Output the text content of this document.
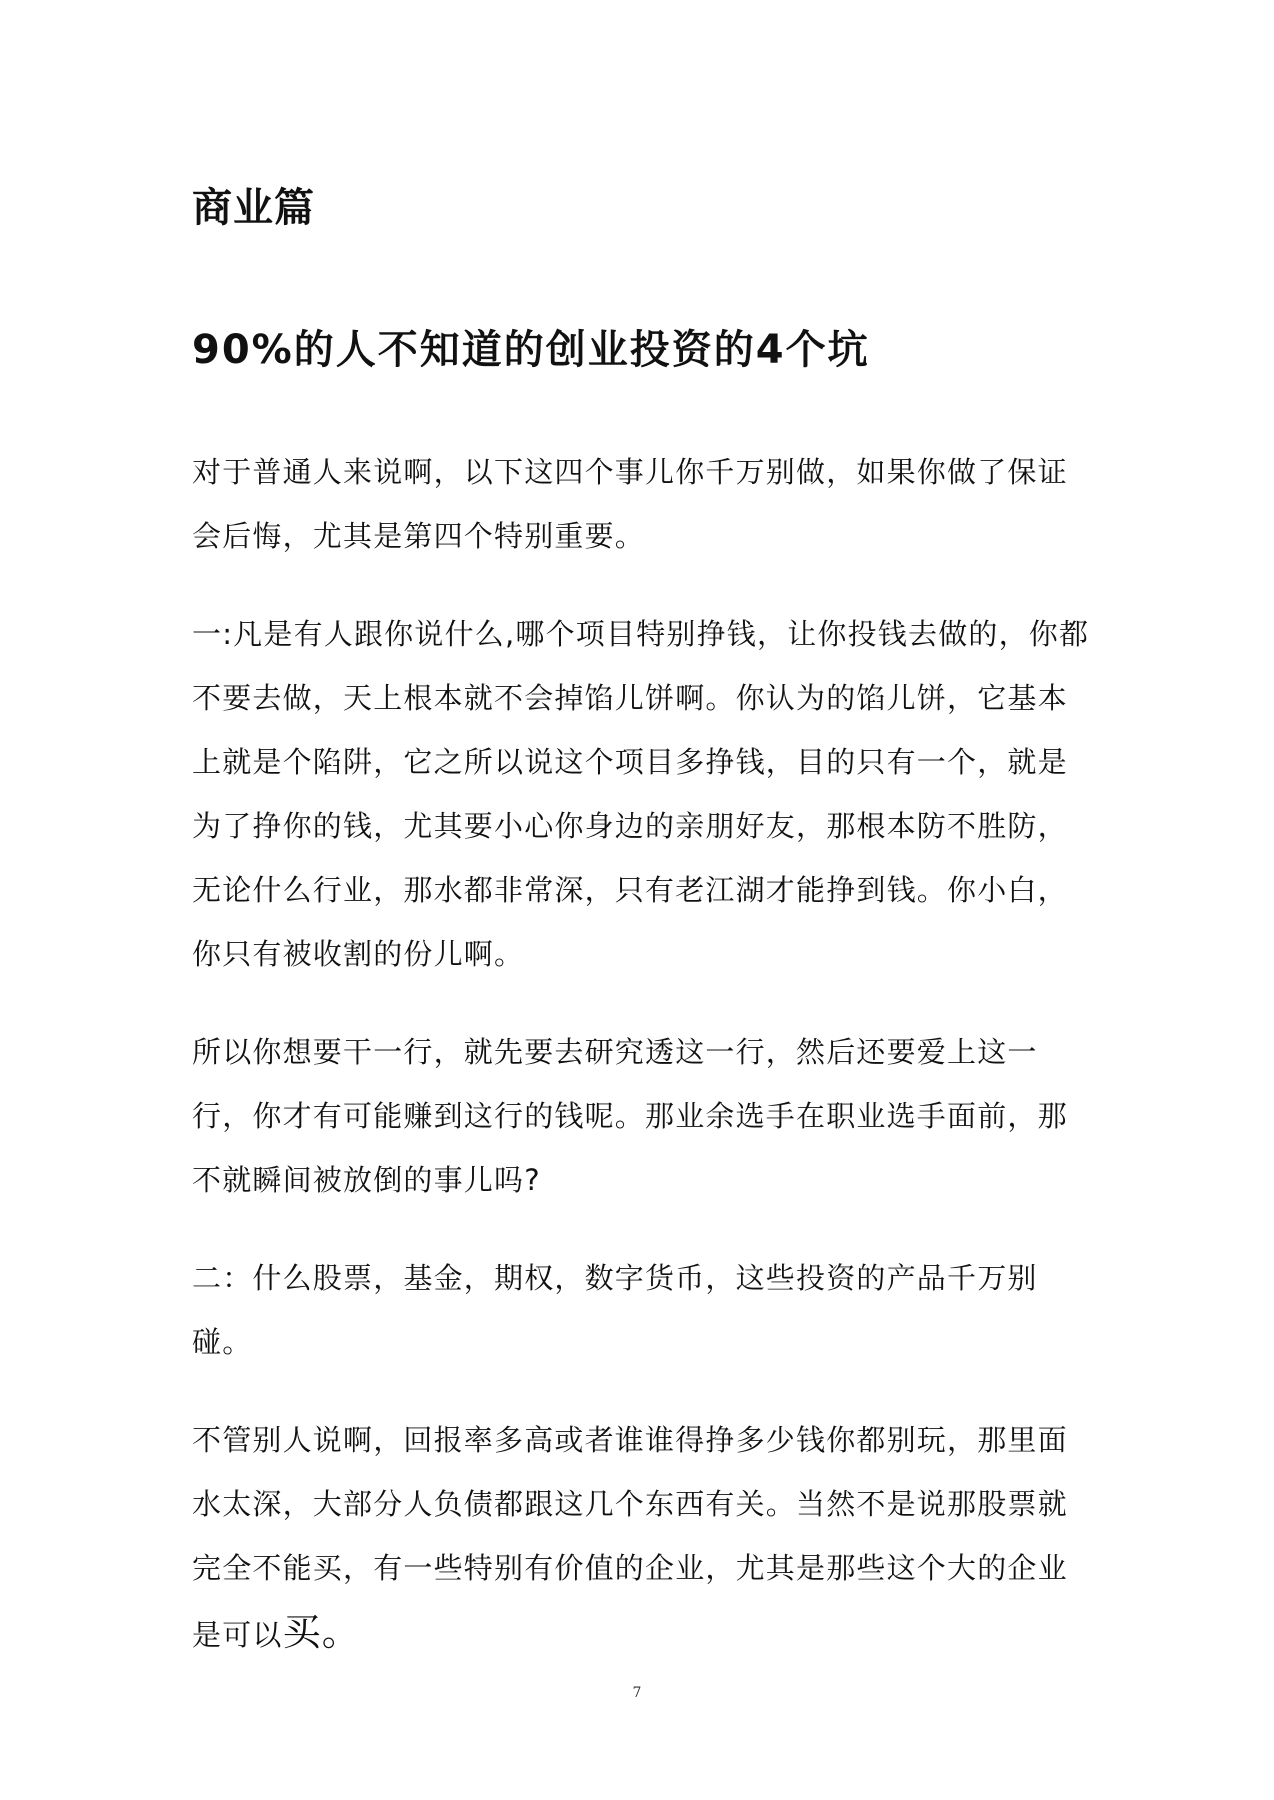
商业篇
90%的人不知道的创业投资的4个坑

对于普通人来说啊，以下这四个事儿你千万别做，如果你做了保证会后悔，尤其是第四个特别重要。

一:凡是有人跟你说什么,哪个项目特别挣钱，让你投钱去做的，你都不要去做，天上根本就不会掉馅儿饼啊。你认为的馅儿饼，它基本上就是个陷阱，它之所以说这个项目多挣钱，目的只有一个，就是为了挣你的钱，尤其要小心你身边的亲朋好友，那根本防不胜防，无论什么行业，那水都非常深，只有老江湖才能挣到钱。你小白，你只有被收割的份儿啊。

所以你想要干一行，就先要去研究透这一行，然后还要爱上这一行，你才有可能赚到这行的钱呢。那业余选手在职业选手面前，那不就瞬间被放倒的事儿吗?

二：什么股票，基金，期权，数字货币，这些投资的产品千万别碰。

不管别人说啊，回报率多高或者谁谁得挣多少钱你都别玩，那里面水太深，大部分人负债都跟这几个东西有关。当然不是说那股票就完全不能买，有一些特别有价值的企业，尤其是那些这个大的企业是可以买。

7
